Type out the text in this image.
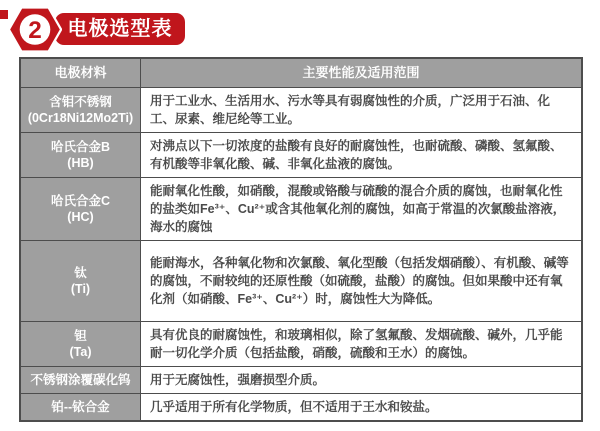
2 电极选型表
电极材料	主要性能及适用范围
含钼不锈钢
(0Cr18Ni12Mo2Ti)
用于工业水、生活用水、污水等具有弱腐蚀性的介质，广泛用于石油、化工、尿素、维尼纶等工业。
哈氏合金B
(HB)
对沸点以下一切浓度的盐酸有良好的耐腐蚀性，也耐硫酸、磷酸、氢氟酸、有机酸等非氧化酸、碱、非氧化盐液的腐蚀。
哈氏合金C
(HC)
能耐氧化性酸，如硝酸，混酸或铬酸与硫酸的混合介质的腐蚀，也耐氧化性的盐类如Fe³⁺、Cu²⁺或含其他氧化剂的腐蚀，如高于常温的次氯酸盐溶液，海水的腐蚀
钛
(Ti)
能耐海水，各种氧化物和次氯酸、氧化型酸（包括发烟硝酸）、有机酸、碱等的腐蚀，不耐较纯的还原性酸（如硫酸，盐酸）的腐蚀。但如果酸中还有氧化剂（如硝酸、Fe³⁺、Cu²⁺）时，腐蚀性大为降低。
钽
(Ta)
具有优良的耐腐蚀性，和玻璃相似，除了氢氟酸、发烟硫酸、碱外，几乎能耐一切化学介质（包括盐酸，硝酸，硫酸和王水）的腐蚀。
不锈钢涂覆碳化钨 用于无腐蚀性，强磨损型介质。
铂--铱合金	几乎适用于所有化学物质，但不适用于王水和铵盐。
